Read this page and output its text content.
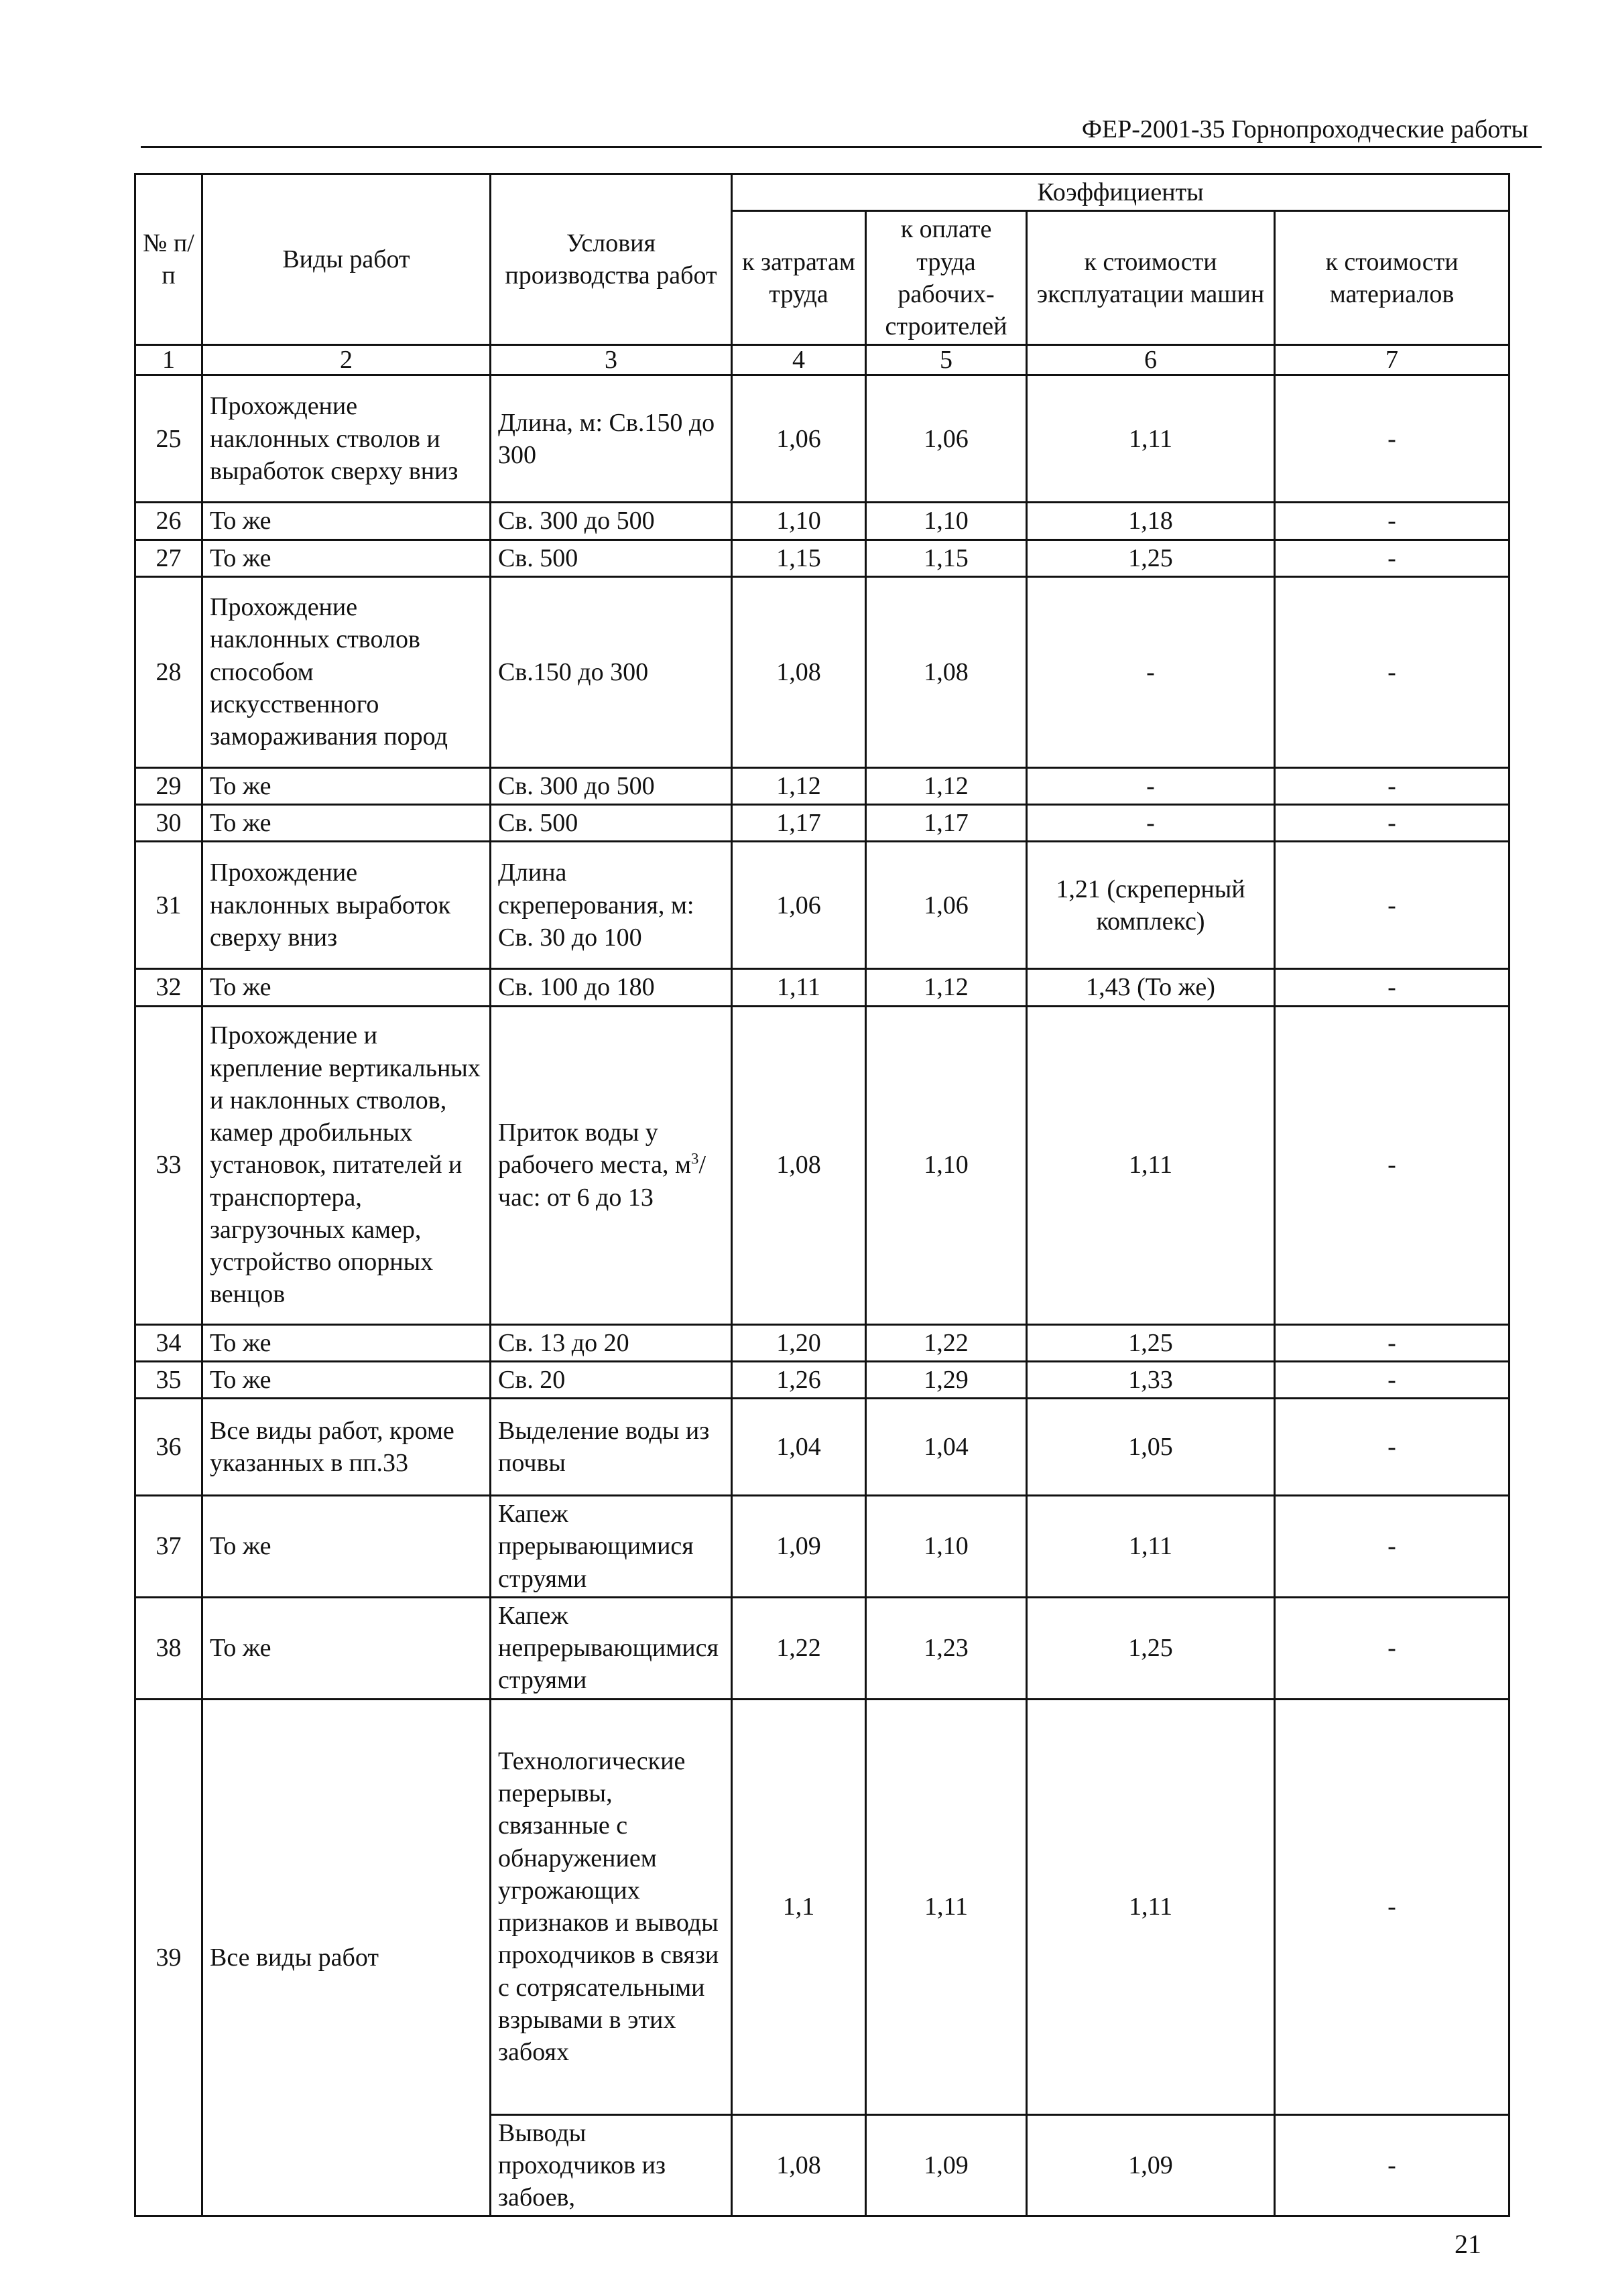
ФЕР-2001-35 Горнопроходческие работы
№ п/п	Виды работ	Условия производства работ	Коэффициенты			
			к затратам труда	к оплате труда рабочих-строителей	к стоимости эксплуатации машин	к стоимости материалов
1	2	3	4	5	6	7
25	Прохождение наклонных стволов и выработок сверху вниз	Длина, м: Св.150 до 300	1,06	1,06	1,11	-
26	То же	Св. 300 до 500	1,10	1,10	1,18	-
27	То же	Св. 500	1,15	1,15	1,25	-
28	Прохождение наклонных стволов способом искусственного замораживания пород	Св.150 до 300	1,08	1,08	-	-
29	То же	Св. 300 до 500	1,12	1,12	-	-
30	То же	Св. 500	1,17	1,17	-	-
31	Прохождение наклонных выработок сверху вниз	Длина скреперования, м: Св. 30 до 100	1,06	1,06	1,21 (скреперный комплекс)	-
32	То же	Св. 100 до 180	1,11	1,12	1,43 (То же)	-
33	Прохождение и крепление вертикальных и наклонных стволов, камер дробильных установок, питателей и транспортера, загрузочных камер, устройство опорных венцов	Приток воды у рабочего места, $м^3$/час: от 6 до 13	1,08	1,10	1,11	-
34	То же	Св. 13 до 20	1,20	1,22	1,25	-
35	То же	Св. 20	1,26	1,29	1,33	-
36	Все виды работ, кроме указанных в пп.33	Выделение воды из почвы	1,04	1,04	1,05	-
37	То же	Капеж прерывающимися струями	1,09	1,10	1,11	-
38	То же	Капеж непрерывающимися струями	1,22	1,23	1,25	-
39	Все виды работ	Технологические перерывы, связанные с обнаружением угрожающих признаков и выводы проходчиков в связи с сотрясательными взрывами в этих забоях	1,1	1,11	1,11	-
		Выводы проходчиков из забоев,	1,08	1,09	1,09	-
21
